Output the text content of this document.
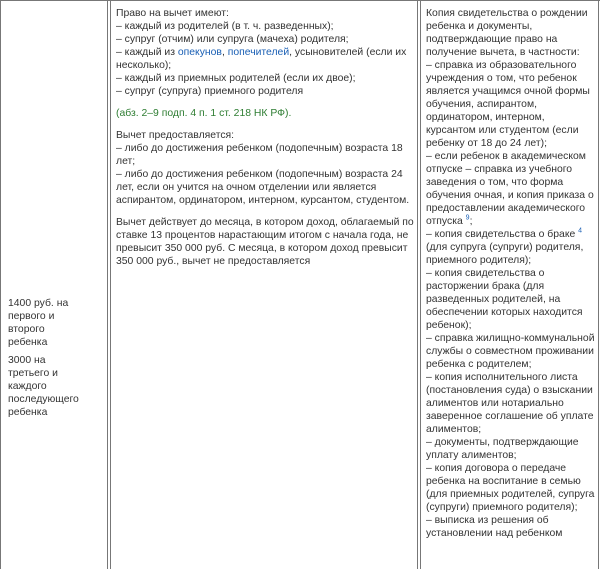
1400 руб. на первого и второго ребенка

3000 на третьего и каждого последующего ребенка

Право на вычет имеют:
– каждый из родителей (в т. ч. разведенных);
– супруг (отчим) или супруга (мачеха) родителя;
– каждый из опекунов, попечителей, усыновителей (если их несколько);
– каждый из приемных родителей (если их двое);
– супруг (супруга) приемного родителя

(абз. 2–9 подп. 4 п. 1 ст. 218 НК РФ).

Вычет предоставляется:
– либо до достижения ребенком (подопечным) возраста 18 лет;
– либо до достижения ребенком (подопечным) возраста 24 лет, если он учится на очном отделении или является аспирантом, ординатором, интерном, курсантом, студентом.

Вычет действует до месяца, в котором доход, облагаемый по ставке 13 процентов нарастающим итогом с начала года, не превысит 350 000 руб. С месяца, в котором доход превысит 350 000 руб., вычет не предоставляется

Копия свидетельства о рождении ребенка и документы, подтверждающие право на получение вычета, в частности:

– справка из образовательного учреждения о том, что ребенок является учащимся очной формы обучения, аспирантом, ординатором, интерном, курсантом или студентом (если ребенку от 18 до 24 лет);

– если ребенок в академическом отпуске – справка из учебного заведения о том, что форма обучения очная, и копия приказа о предоставлении академического отпуска $^9$;

– копия свидетельства о браке $^4$ (для супруга (супруги) родителя, приемного родителя);

– копия свидетельства о расторжении брака (для разведенных родителей, на обеспечении которых находится ребенок);

– справка жилищно-коммунальной службы о совместном проживании ребенка с родителем;

– копия исполнительного листа (постановления суда) о взыскании алиментов или нотариально заверенное соглашение об уплате алиментов;

– документы, подтверждающие уплату алиментов;

– копия договора о передаче ребенка на воспитание в семью (для приемных родителей, супруга (супруги) приемного родителя);

– выписка из решения об установлении над ребенком
